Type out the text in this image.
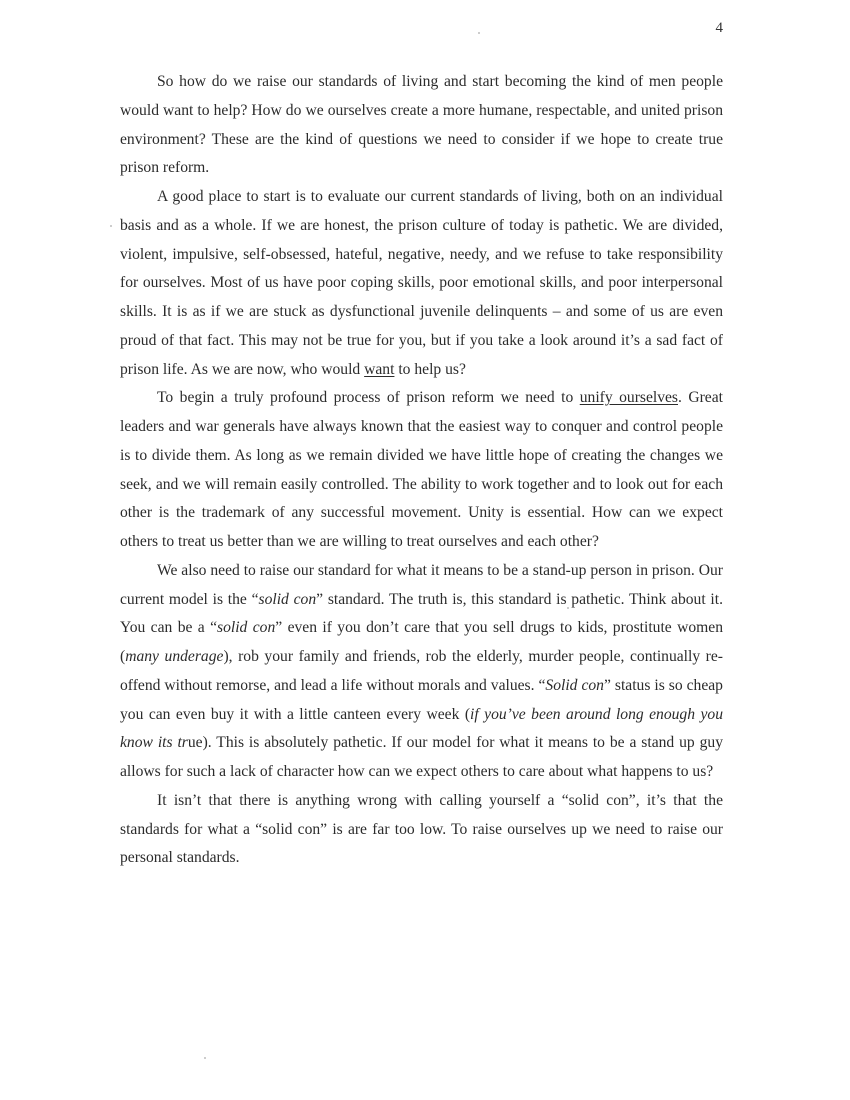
4

So how do we raise our standards of living and start becoming the kind of men people would want to help? How do we ourselves create a more humane, respectable, and united prison environment? These are the kind of questions we need to consider if we hope to create true prison reform.

A good place to start is to evaluate our current standards of living, both on an individual basis and as a whole. If we are honest, the prison culture of today is pathetic. We are divided, violent, impulsive, self-obsessed, hateful, negative, needy, and we refuse to take responsibility for ourselves. Most of us have poor coping skills, poor emotional skills, and poor interpersonal skills. It is as if we are stuck as dysfunctional juvenile delinquents – and some of us are even proud of that fact. This may not be true for you, but if you take a look around it’s a sad fact of prison life. As we are now, who would want to help us?

To begin a truly profound process of prison reform we need to unify ourselves. Great leaders and war generals have always known that the easiest way to conquer and control people is to divide them. As long as we remain divided we have little hope of creating the changes we seek, and we will remain easily controlled. The ability to work together and to look out for each other is the trademark of any successful movement. Unity is essential. How can we expect others to treat us better than we are willing to treat ourselves and each other?

We also need to raise our standard for what it means to be a stand-up person in prison. Our current model is the “solid con” standard. The truth is, this standard is pathetic. Think about it. You can be a “solid con” even if you don’t care that you sell drugs to kids, prostitute women (many underage), rob your family and friends, rob the elderly, murder people, continually re-offend without remorse, and lead a life without morals and values. “Solid con” status is so cheap you can even buy it with a little canteen every week (if you’ve been around long enough you know its true). This is absolutely pathetic. If our model for what it means to be a stand up guy allows for such a lack of character how can we expect others to care about what happens to us?

It isn’t that there is anything wrong with calling yourself a “solid con”, it’s that the standards for what a “solid con” is are far too low. To raise ourselves up we need to raise our personal standards.
